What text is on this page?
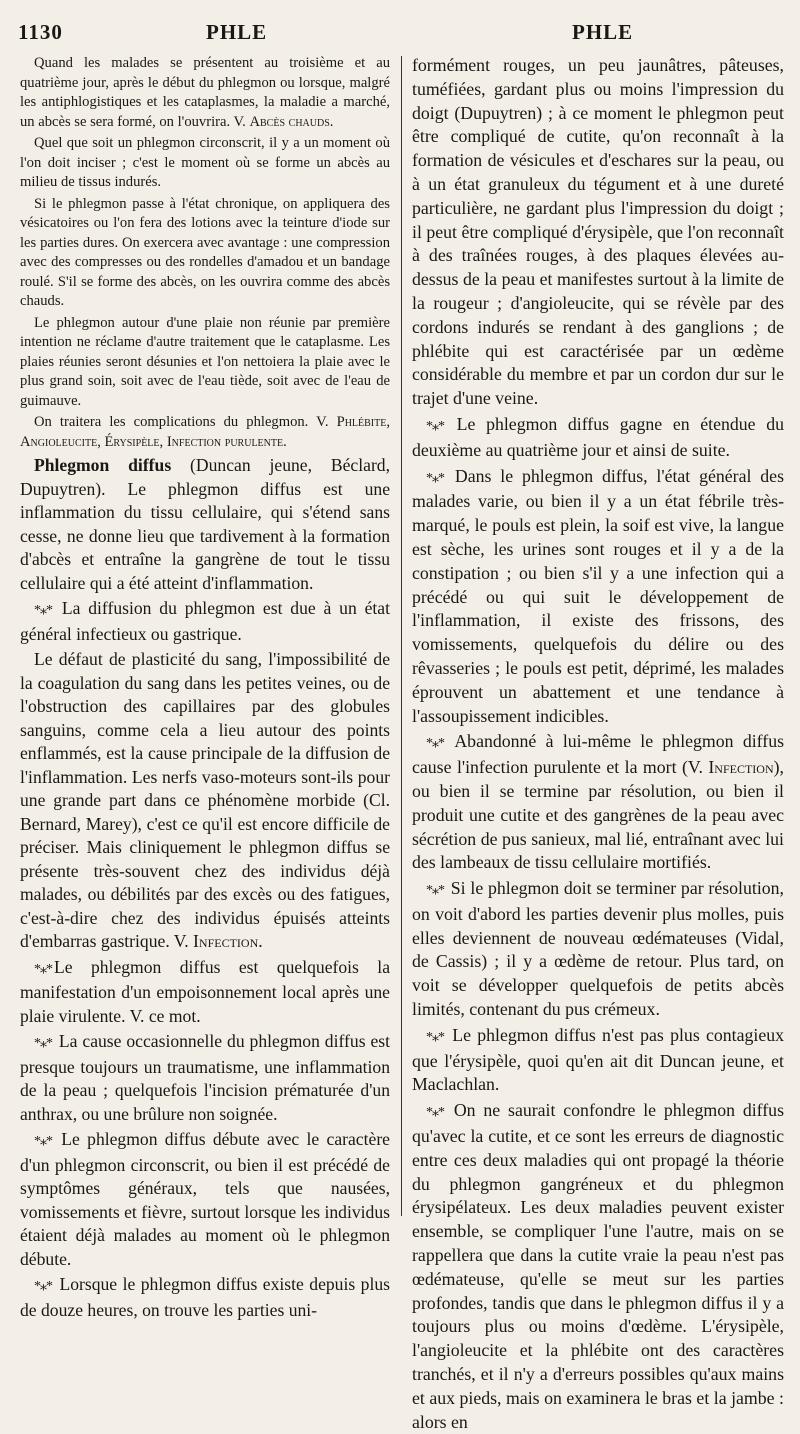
1130	PHLE	PHLE

Quand les malades se présentent au troisième et au quatrième jour, après le début du phlegmon ou lorsque, malgré les antiphlogistiques et les cataplasmes, la maladie a marché, un abcès se sera formé, on l'ouvrira. V. Abcès chauds.

Quel que soit un phlegmon circonscrit, il y a un moment où l'on doit inciser ; c'est le moment où se forme un abcès au milieu de tissus indurés.

Si le phlegmon passe à l'état chronique, on appliquera des vésicatoires ou l'on fera des lotions avec la teinture d'iode sur les parties dures. On exercera avec avantage : une compression avec des compresses ou des rondelles d'amadou et un bandage roulé. S'il se forme des abcès, on les ouvrira comme des abcès chauds.

Le phlegmon autour d'une plaie non réunie par première intention ne réclame d'autre traitement que le cataplasme. Les plaies réunies seront désunies et l'on nettoiera la plaie avec le plus grand soin, soit avec de l'eau tiède, soit avec de l'eau de guimauve.

On traitera les complications du phlegmon. V. Phlébite, Angioleucite, Érysipèle, Infection purulente.

Phlegmon diffus (Duncan jeune, Béclard, Dupuytren). Le phlegmon diffus est une inflammation du tissu cellulaire, qui s'étend sans cesse, ne donne lieu que tardivement à la formation d'abcès et entraîne la gangrène de tout le tissu cellulaire qui a été atteint d'inflammation.

*⁎* La diffusion du phlegmon est due à un état général infectieux ou gastrique.

Le défaut de plasticité du sang, l'impossibilité de la coagulation du sang dans les petites veines, ou de l'obstruction des capillaires par des globules sanguins, comme cela a lieu autour des points enflammés, est la cause principale de la diffusion de l'inflammation. Les nerfs vaso-moteurs sont-ils pour une grande part dans ce phénomène morbide (Cl. Bernard, Marey), c'est ce qu'il est encore difficile de préciser. Mais cliniquement le phlegmon diffus se présente très-souvent chez des individus déjà malades, ou débilités par des excès ou des fatigues, c'est-à-dire chez des individus épuisés atteints d'embarras gastrique. V. Infection.

*⁎* Le phlegmon diffus est quelquefois la manifestation d'un empoisonnement local après une plaie virulente. V. ce mot.

*⁎* La cause occasionnelle du phlegmon diffus est presque toujours un traumatisme, une inflammation de la peau ; quelquefois l'incision prématurée d'un anthrax, ou une brûlure non soignée.

*⁎* Le phlegmon diffus débute avec le caractère d'un phlegmon circonscrit, ou bien il est précédé de symptômes généraux, tels que nausées, vomissements et fièvre, surtout lorsque les individus étaient déjà malades au moment où le phlegmon débute.

*⁎* Lorsque le phlegmon diffus existe depuis plus de douze heures, on trouve les parties uni-

formément rouges, un peu jaunâtres, pâteuses, tuméfiées, gardant plus ou moins l'impression du doigt (Dupuytren) ; à ce moment le phlegmon peut être compliqué de cutite, qu'on reconnaît à la formation de vésicules et d'eschares sur la peau, ou à un état granuleux du tégument et à une dureté particulière, ne gardant plus l'impression du doigt ; il peut être compliqué d'érysipèle, que l'on reconnaît à des traînées rouges, à des plaques élevées au-dessus de la peau et manifestes surtout à la limite de la rougeur ; d'angioleucite, qui se révèle par des cordons indurés se rendant à des ganglions ; de phlébite qui est caractérisée par un œdème considérable du membre et par un cordon dur sur le trajet d'une veine.

*⁎* Le phlegmon diffus gagne en étendue du deuxième au quatrième jour et ainsi de suite.

*⁎* Dans le phlegmon diffus, l'état général des malades varie, ou bien il y a un état fébrile très-marqué, le pouls est plein, la soif est vive, la langue est sèche, les urines sont rouges et il y a de la constipation ; ou bien s'il y a une infection qui a précédé ou qui suit le développement de l'inflammation, il existe des frissons, des vomissements, quelquefois du délire ou des rêvasseries ; le pouls est petit, déprimé, les malades éprouvent un abattement et une tendance à l'assoupissement indicibles.

*⁎* Abandonné à lui-même le phlegmon diffus cause l'infection purulente et la mort (V. Infection), ou bien il se termine par résolution, ou bien il produit une cutite et des gangrènes de la peau avec sécrétion de pus sanieux, mal lié, entraînant avec lui des lambeaux de tissu cellulaire mortifiés.

*⁎* Si le phlegmon doit se terminer par résolution, on voit d'abord les parties devenir plus molles, puis elles deviennent de nouveau œdémateuses (Vidal, de Cassis) ; il y a œdème de retour. Plus tard, on voit se développer quelquefois de petits abcès limités, contenant du pus crémeux.

*⁎* Le phlegmon diffus n'est pas plus contagieux que l'érysipèle, quoi qu'en ait dit Duncan jeune, et Maclachlan.

*⁎* On ne saurait confondre le phlegmon diffus qu'avec la cutite, et ce sont les erreurs de diagnostic entre ces deux maladies qui ont propagé la théorie du phlegmon gangréneux et du phlegmon érysipélateux. Les deux maladies peuvent exister ensemble, se compliquer l'une l'autre, mais on se rappellera que dans la cutite vraie la peau n'est pas œdémateuse, qu'elle se meut sur les parties profondes, tandis que dans le phlegmon diffus il y a toujours plus ou moins d'œdème. L'érysipèle, l'angioleucite et la phlébite ont des caractères tranchés, et il n'y a d'erreurs possibles qu'aux mains et aux pieds, mais on examinera le bras et la jambe : alors en
